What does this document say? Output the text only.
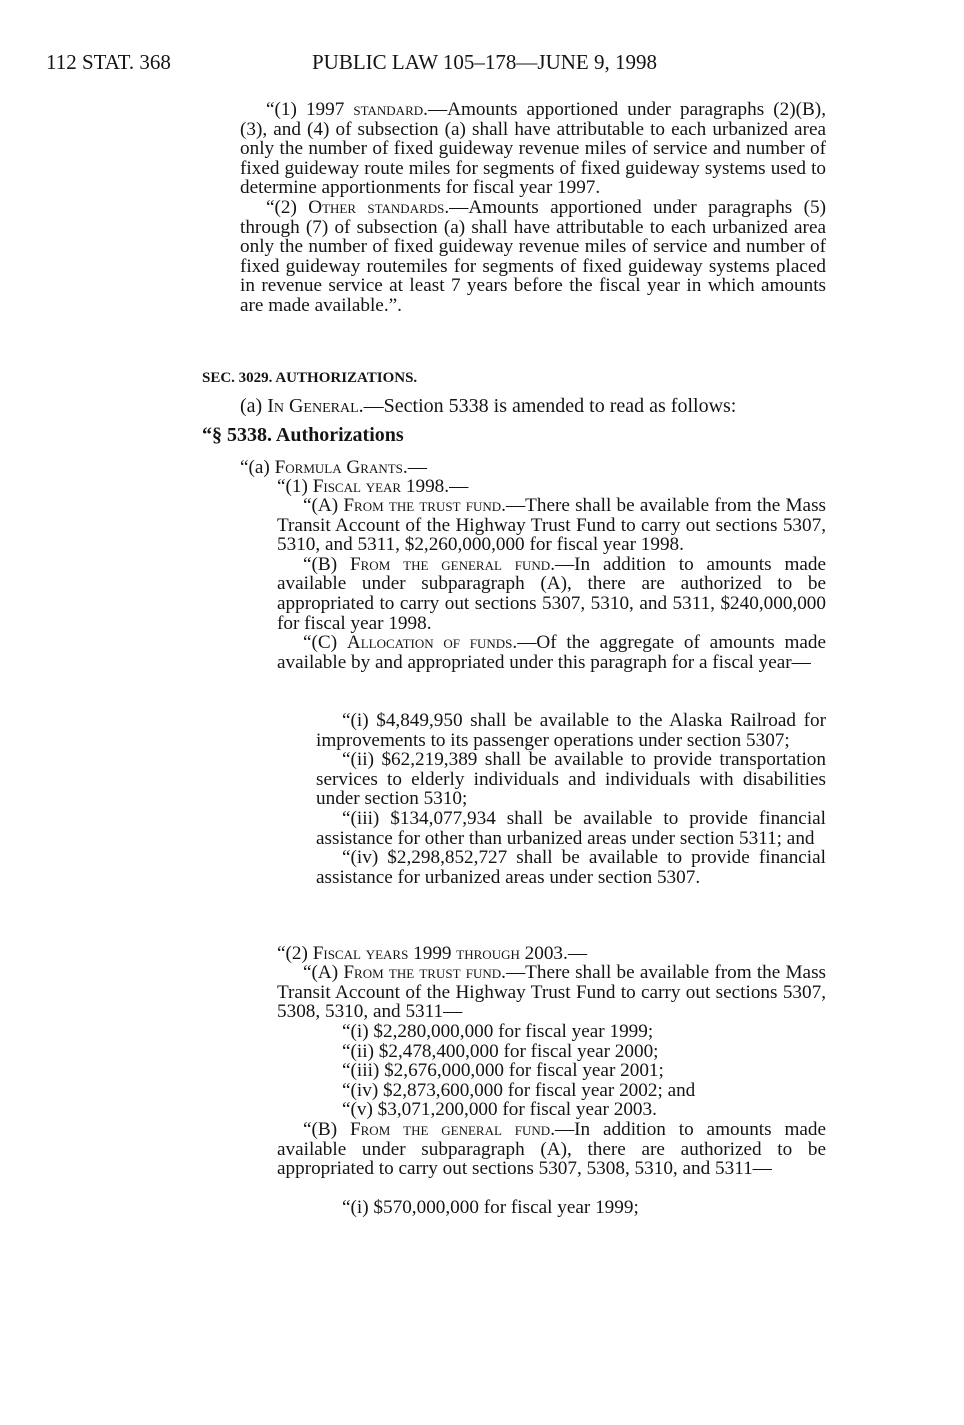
112 STAT. 368	PUBLIC LAW 105–178—JUNE 9, 1998

“(1) 1997 standard.—Amounts apportioned under paragraphs (2)(B), (3), and (4) of subsection (a) shall have attributable to each urbanized area only the number of fixed guideway revenue miles of service and number of fixed guideway route miles for segments of fixed guideway systems used to determine apportionments for fiscal year 1997.

“(2) Other standards.—Amounts apportioned under paragraphs (5) through (7) of subsection (a) shall have attributable to each urbanized area only the number of fixed guideway revenue miles of service and number of fixed guideway routemiles for segments of fixed guideway systems placed in revenue service at least 7 years before the fiscal year in which amounts are made available.”.

SEC. 3029. AUTHORIZATIONS.
(a) In General.—Section 5338 is amended to read as follows:
“§ 5338. Authorizations
“(a) Formula Grants.—
“(1) Fiscal year 1998.—

“(A) From the trust fund.—There shall be available from the Mass Transit Account of the Highway Trust Fund to carry out sections 5307, 5310, and 5311, $2,260,000,000 for fiscal year 1998.

“(B) From the general fund.—In addition to amounts made available under subparagraph (A), there are authorized to be appropriated to carry out sections 5307, 5310, and 5311, $240,000,000 for fiscal year 1998.

“(C) Allocation of funds.—Of the aggregate of amounts made available by and appropriated under this paragraph for a fiscal year—

“(i) $4,849,950 shall be available to the Alaska Railroad for improvements to its passenger operations under section 5307;

“(ii) $62,219,389 shall be available to provide transportation services to elderly individuals and individuals with disabilities under section 5310;

“(iii) $134,077,934 shall be available to provide financial assistance for other than urbanized areas under section 5311; and

“(iv) $2,298,852,727 shall be available to provide financial assistance for urbanized areas under section 5307.

“(2) Fiscal years 1999 through 2003.—

“(A) From the trust fund.—There shall be available from the Mass Transit Account of the Highway Trust Fund to carry out sections 5307, 5308, 5310, and 5311—

“(i) $2,280,000,000 for fiscal year 1999;
“(ii) $2,478,400,000 for fiscal year 2000;
“(iii) $2,676,000,000 for fiscal year 2001;
“(iv) $2,873,600,000 for fiscal year 2002; and
“(v) $3,071,200,000 for fiscal year 2003.

“(B) From the general fund.—In addition to amounts made available under subparagraph (A), there are authorized to be appropriated to carry out sections 5307, 5308, 5310, and 5311—

“(i) $570,000,000 for fiscal year 1999;
